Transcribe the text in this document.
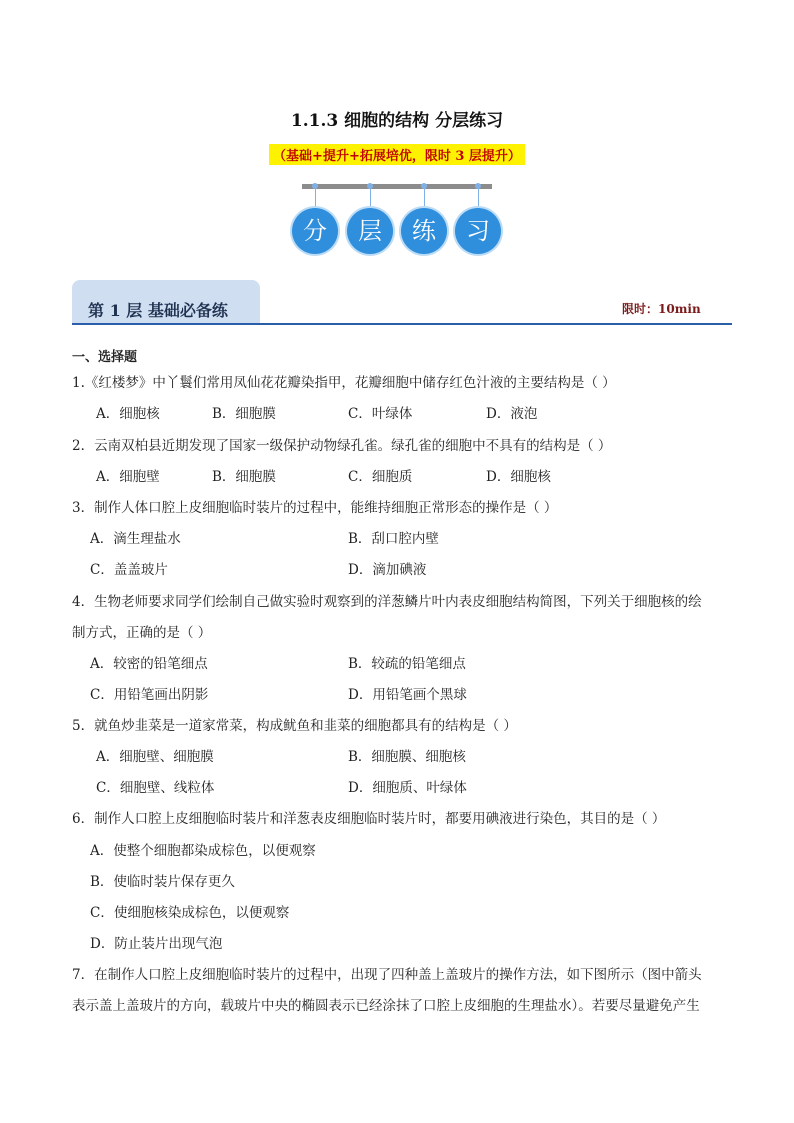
1.1.3 细胞的结构 分层练习
（基础+提升+拓展培优，限时 3 层提升）
分	层	练	习
第 1 层 基础必备练	限时：10min
一、选择题
1.《红楼梦》中丫鬟们常用凤仙花花瓣染指甲，花瓣细胞中储存红色汁液的主要结构是（ ）
A．细胞核	B．细胞膜	C．叶绿体	D．液泡
2．云南双柏县近期发现了国家一级保护动物绿孔雀。绿孔雀的细胞中不具有的结构是（ ）
A．细胞壁	B．细胞膜	C．细胞质	D．细胞核
3．制作人体口腔上皮细胞临时装片的过程中，能维持细胞正常形态的操作是（ ）
A．滴生理盐水	B．刮口腔内壁
C．盖盖玻片	D．滴加碘液
4．生物老师要求同学们绘制自己做实验时观察到的洋葱鳞片叶内表皮细胞结构简图，下列关于细胞核的绘
制方式，正确的是（ ）
A．较密的铅笔细点	B．较疏的铅笔细点
C．用铅笔画出阴影	D．用铅笔画个黑球
5．就鱼炒韭菜是一道家常菜，构成鱿鱼和韭菜的细胞都具有的结构是（ ）
A．细胞壁、细胞膜	B．细胞膜、细胞核
C．细胞壁、线粒体	D．细胞质、叶绿体
6．制作人口腔上皮细胞临时装片和洋葱表皮细胞临时装片时，都要用碘液进行染色，其目的是（ ）
A．使整个细胞都染成棕色，以便观察
B．使临时装片保存更久
C．使细胞核染成棕色，以便观察
D．防止装片出现气泡
7．在制作人口腔上皮细胞临时装片的过程中，出现了四种盖上盖玻片的操作方法，如下图所示（图中箭头
表示盖上盖玻片的方向，载玻片中央的椭圆表示已经涂抹了口腔上皮细胞的生理盐水）。若要尽量避免产生
